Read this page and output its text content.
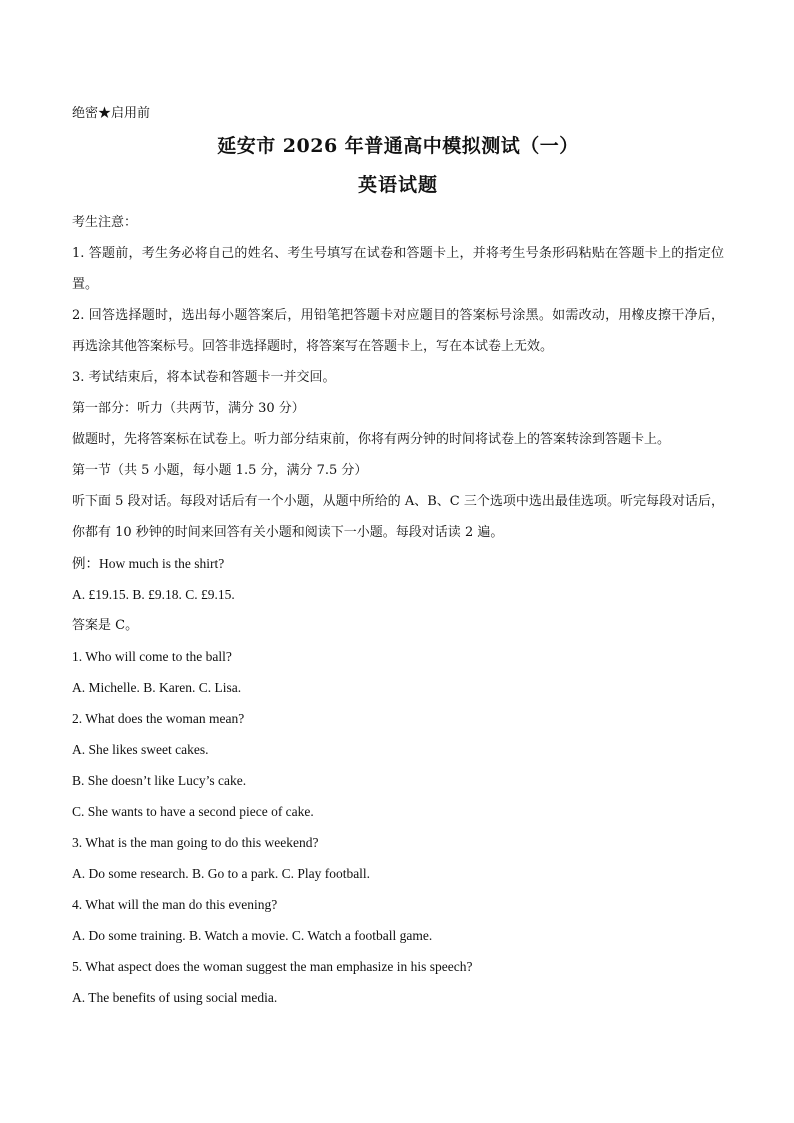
绝密★启用前

延安市 2026 年普通高中模拟测试（一）

英语试题

考生注意：

1. 答题前，考生务必将自己的姓名、考生号填写在试卷和答题卡上，并将考生号条形码粘贴在答题卡上的指定位置。

2. 回答选择题时，选出每小题答案后，用铅笔把答题卡对应题目的答案标号涂黑。如需改动，用橡皮擦干净后，再选涂其他答案标号。回答非选择题时，将答案写在答题卡上，写在本试卷上无效。

3. 考试结束后，将本试卷和答题卡一并交回。

第一部分：听力（共两节，满分 30 分）

做题时，先将答案标在试卷上。听力部分结束前，你将有两分钟的时间将试卷上的答案转涂到答题卡上。

第一节（共 5 小题，每小题 1.5 分，满分 7.5 分）

听下面 5 段对话。每段对话后有一个小题，从题中所给的 A、B、C 三个选项中选出最佳选项。听完每段对话后，你都有 10 秒钟的时间来回答有关小题和阅读下一小题。每段对话读 2 遍。

例：How much is the shirt?

A. £19.15. B. £9.18. C. £9.15.

答案是 C。

1. Who will come to the ball?

A. Michelle. B. Karen. C. Lisa.

2. What does the woman mean?

A. She likes sweet cakes.

B. She doesn’t like Lucy’s cake.

C. She wants to have a second piece of cake.

3. What is the man going to do this weekend?

A. Do some research. B. Go to a park. C. Play football.

4. What will the man do this evening?

A. Do some training. B. Watch a movie. C. Watch a football game.

5. What aspect does the woman suggest the man emphasize in his speech?

A. The benefits of using social media.
